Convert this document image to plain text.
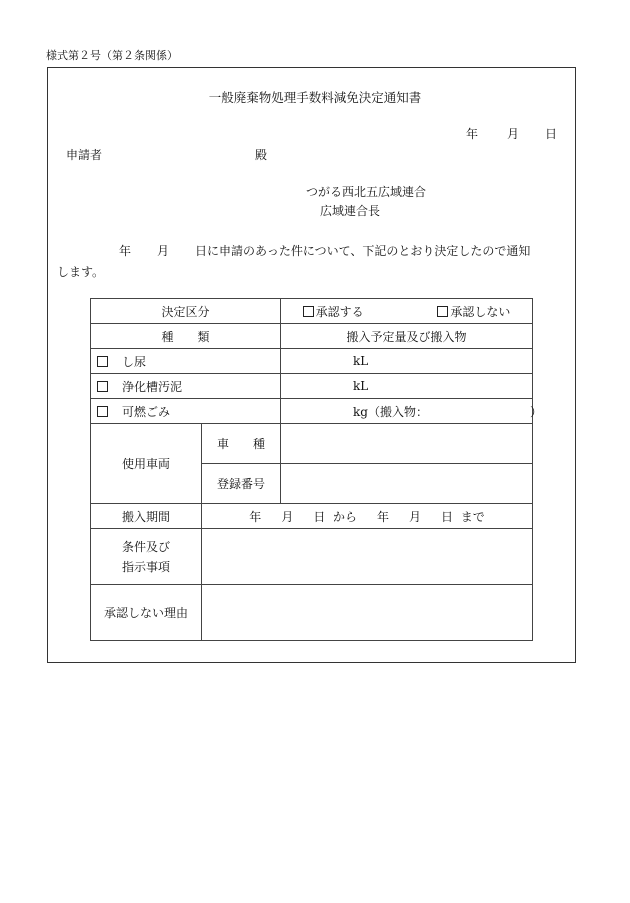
様式第２号（第２条関係）
一般廃棄物処理手数料減免決定通知書
年 月 日
申請者	殿
つがる西北五広域連合
広域連合長
年 月 日に申請のあった件について、下記のとおり決定したので通知
します。
決定区分		承認する 承認しない
種　　類		搬入予定量及び搬入物
し尿		kL
浄化槽汚泥		kL
可燃ごみ		kg（搬入物：　　　　　　　　　）
使用車両	車　　種	
	登録番号	
搬入期間	年 月 日 から 年 月 日 まで	
条件及び
指示事項		
承認しない理由		
